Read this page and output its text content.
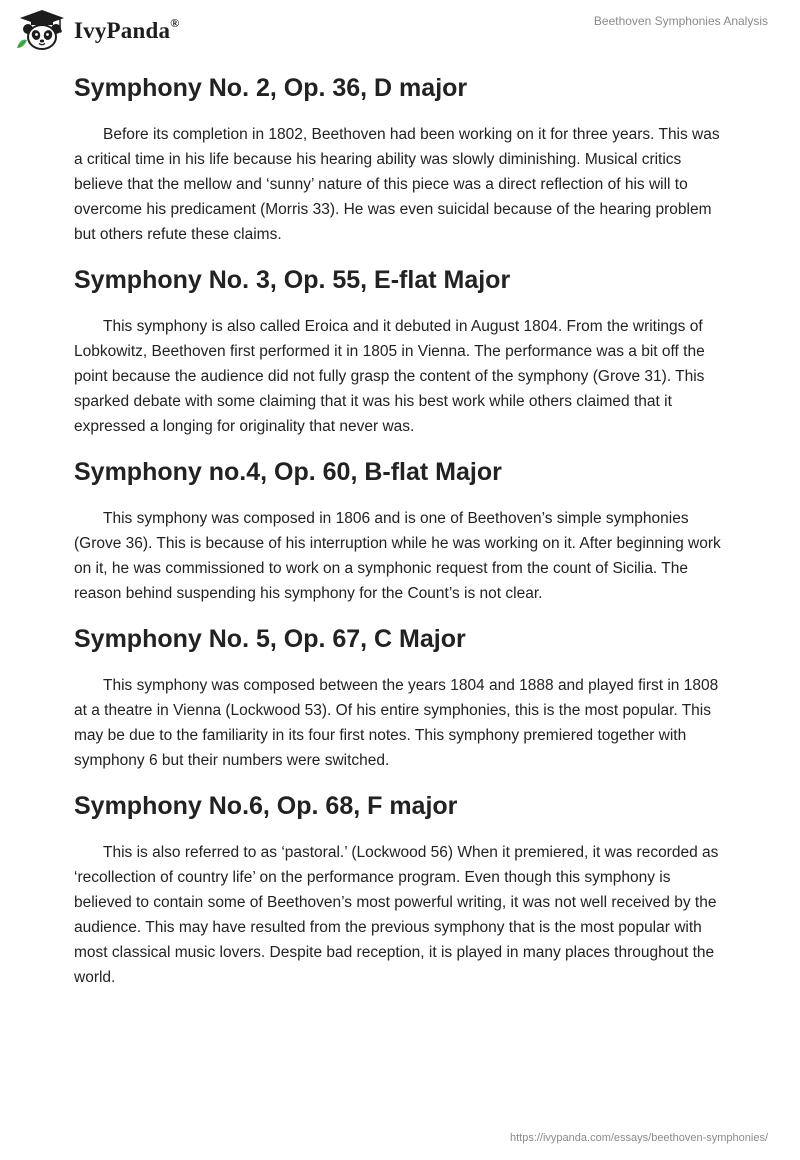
IvyPanda®	Beethoven Symphonies Analysis
Symphony No. 2, Op. 36, D major

Before its completion in 1802, Beethoven had been working on it for three years. This was a critical time in his life because his hearing ability was slowly diminishing. Musical critics believe that the mellow and ‘sunny’ nature of this piece was a direct reflection of his will to overcome his predicament (Morris 33). He was even suicidal because of the hearing problem but others refute these claims.

Symphony No. 3, Op. 55, E-flat Major

This symphony is also called Eroica and it debuted in August 1804. From the writings of Lobkowitz, Beethoven first performed it in 1805 in Vienna. The performance was a bit off the point because the audience did not fully grasp the content of the symphony (Grove 31). This sparked debate with some claiming that it was his best work while others claimed that it expressed a longing for originality that never was.

Symphony no.4, Op. 60, B-flat Major

This symphony was composed in 1806 and is one of Beethoven’s simple symphonies (Grove 36). This is because of his interruption while he was working on it. After beginning work on it, he was commissioned to work on a symphonic request from the count of Sicilia. The reason behind suspending his symphony for the Count’s is not clear.

Symphony No. 5, Op. 67, C Major

This symphony was composed between the years 1804 and 1888 and played first in 1808 at a theatre in Vienna (Lockwood 53). Of his entire symphonies, this is the most popular. This may be due to the familiarity in its four first notes. This symphony premiered together with symphony 6 but their numbers were switched.

Symphony No.6, Op. 68, F major

This is also referred to as ‘pastoral.’ (Lockwood 56) When it premiered, it was recorded as ‘recollection of country life’ on the performance program. Even though this symphony is believed to contain some of Beethoven’s most powerful writing, it was not well received by the audience. This may have resulted from the previous symphony that is the most popular with most classical music lovers. Despite bad reception, it is played in many places throughout the world.

https://ivypanda.com/essays/beethoven-symphonies/
